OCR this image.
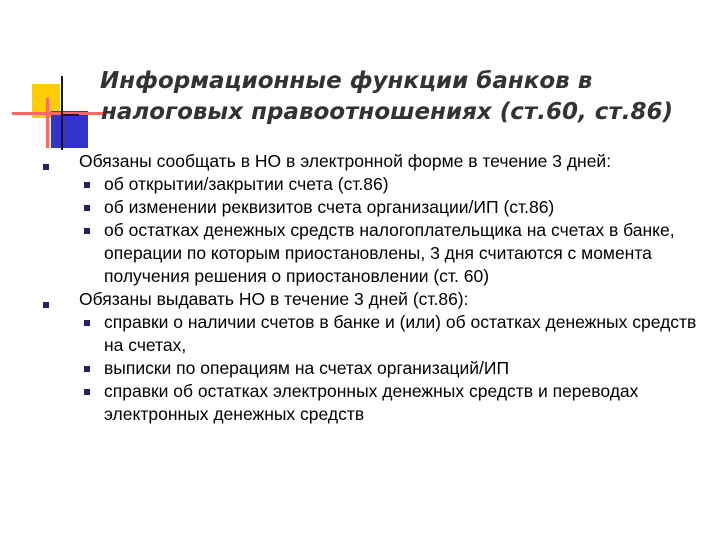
Информационные функции банков в
налоговых правоотношениях (ст.60, ст.86)
Обязаны сообщать в НО в электронной форме в течение 3 дней:
об открытии/закрытии счета (ст.86)
об изменении реквизитов счета организации/ИП (ст.86)
об остатках денежных средств налогоплательщика на счетах в банке, операции по которым приостановлены, 3 дня считаются с момента получения решения о приостановлении (ст. 60)
Обязаны выдавать НО в течение 3 дней (ст.86):
справки о наличии счетов в банке и (или) об остатках денежных средств на счетах,
выписки по операциям на счетах организаций/ИП
справки об остатках электронных денежных средств и переводах электронных денежных средств
